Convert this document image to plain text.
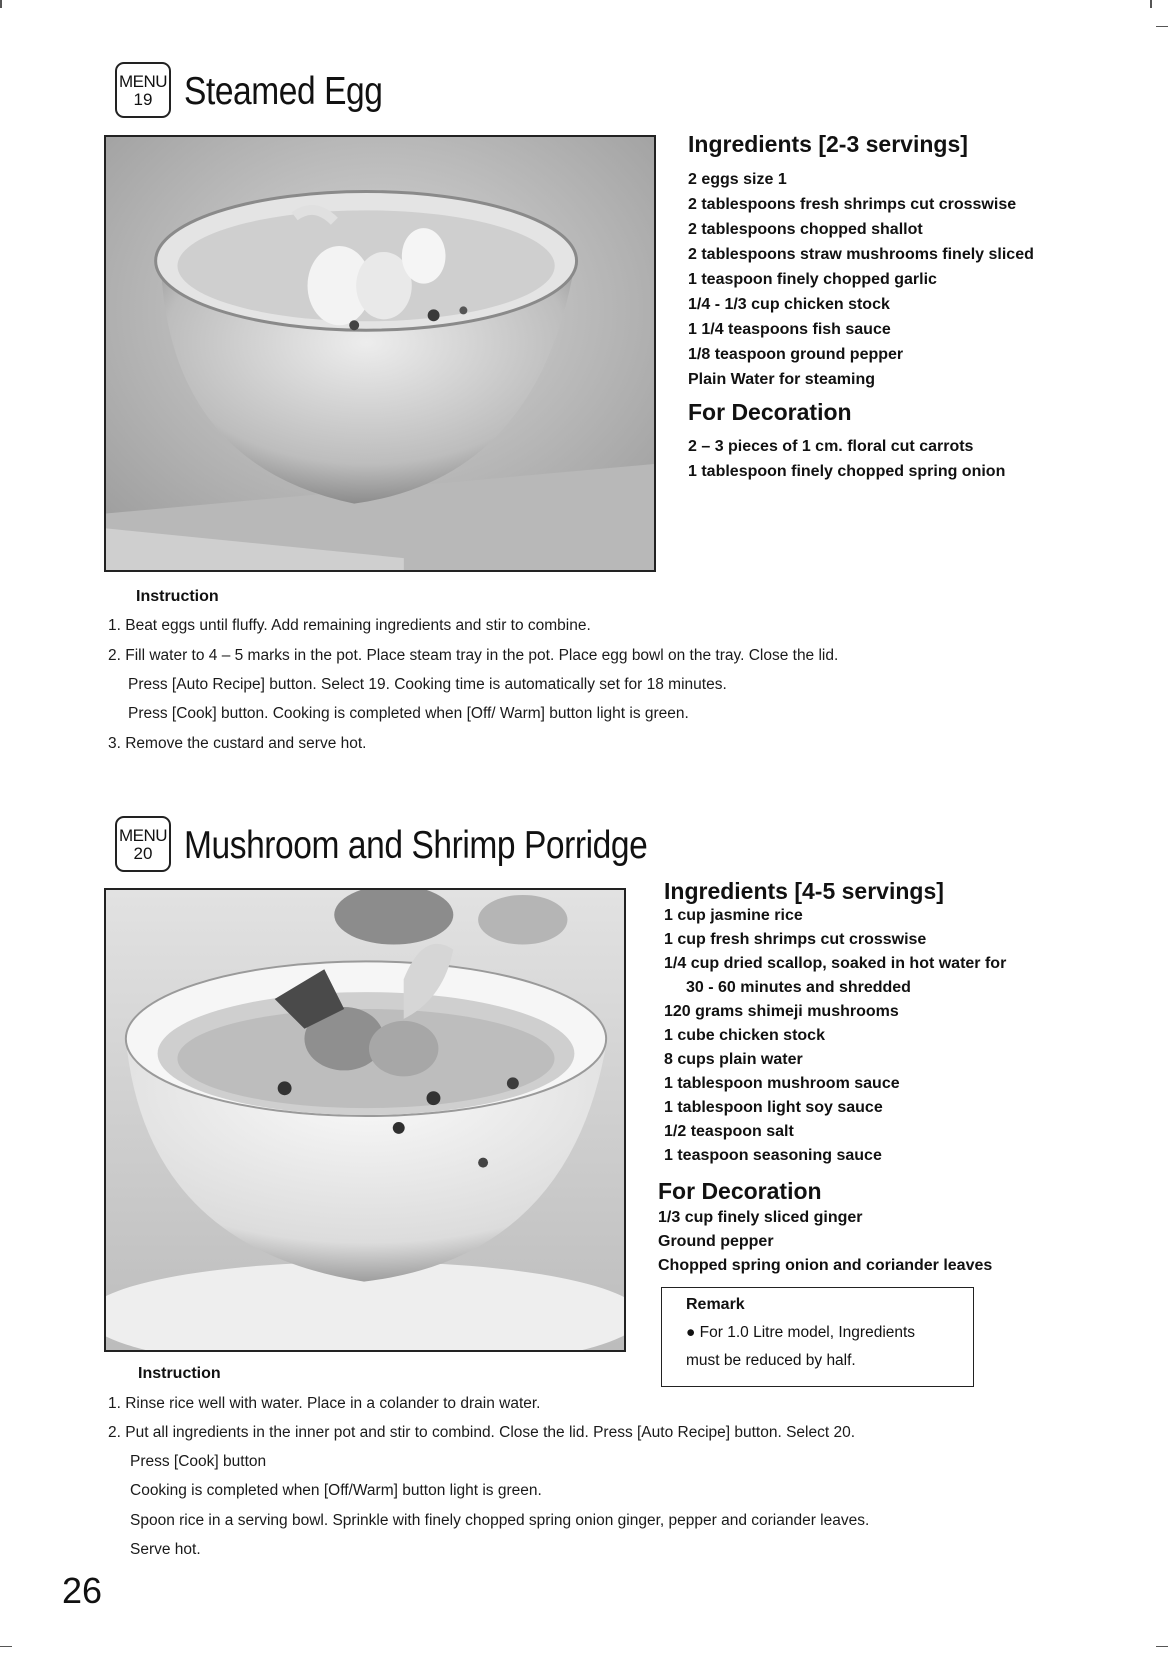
MENU
19 Steamed Egg
Ingredients [2-3 servings]
2 eggs size 1
2 tablespoons fresh shrimps cut crosswise
2 tablespoons chopped shallot
2 tablespoons straw mushrooms finely sliced
1 teaspoon finely chopped garlic
1/4 - 1/3 cup chicken stock
1 1/4 teaspoons fish sauce
1/8 teaspoon ground pepper
Plain Water for steaming
For Decoration
2 – 3 pieces of 1 cm. floral cut carrots
1 tablespoon finely chopped spring onion
Instruction
1. Beat eggs until fluffy. Add remaining ingredients and stir to combine.
2. Fill water to 4 – 5 marks in the pot. Place steam tray in the pot. Place egg bowl on the tray. Close the lid.
Press [Auto Recipe] button. Select 19. Cooking time is automatically set for 18 minutes.
Press [Cook] button. Cooking is completed when [Off/ Warm] button light is green.
3. Remove the custard and serve hot.
MENU
20 Mushroom and Shrimp Porridge
Ingredients [4-5 servings]
1 cup jasmine rice
1 cup fresh shrimps cut crosswise
1/4 cup dried scallop, soaked in hot water for
30 - 60 minutes and shredded
120 grams shimeji mushrooms
1 cube chicken stock
8 cups plain water
1 tablespoon mushroom sauce
1 tablespoon light soy sauce
1/2 teaspoon salt
1 teaspoon seasoning sauce
For Decoration
1/3 cup finely sliced ginger
Ground pepper
Chopped spring onion and coriander leaves
Remark
● For 1.0 Litre model, Ingredients
must be reduced by half.
Instruction
1. Rinse rice well with water. Place in a colander to drain water.
2. Put all ingredients in the inner pot and stir to combind. Close the lid. Press [Auto Recipe] button. Select 20.
Press [Cook] button
Cooking is completed when [Off/Warm] button light is green.
Spoon rice in a serving bowl. Sprinkle with finely chopped spring onion ginger, pepper and coriander leaves.
Serve hot.
26
